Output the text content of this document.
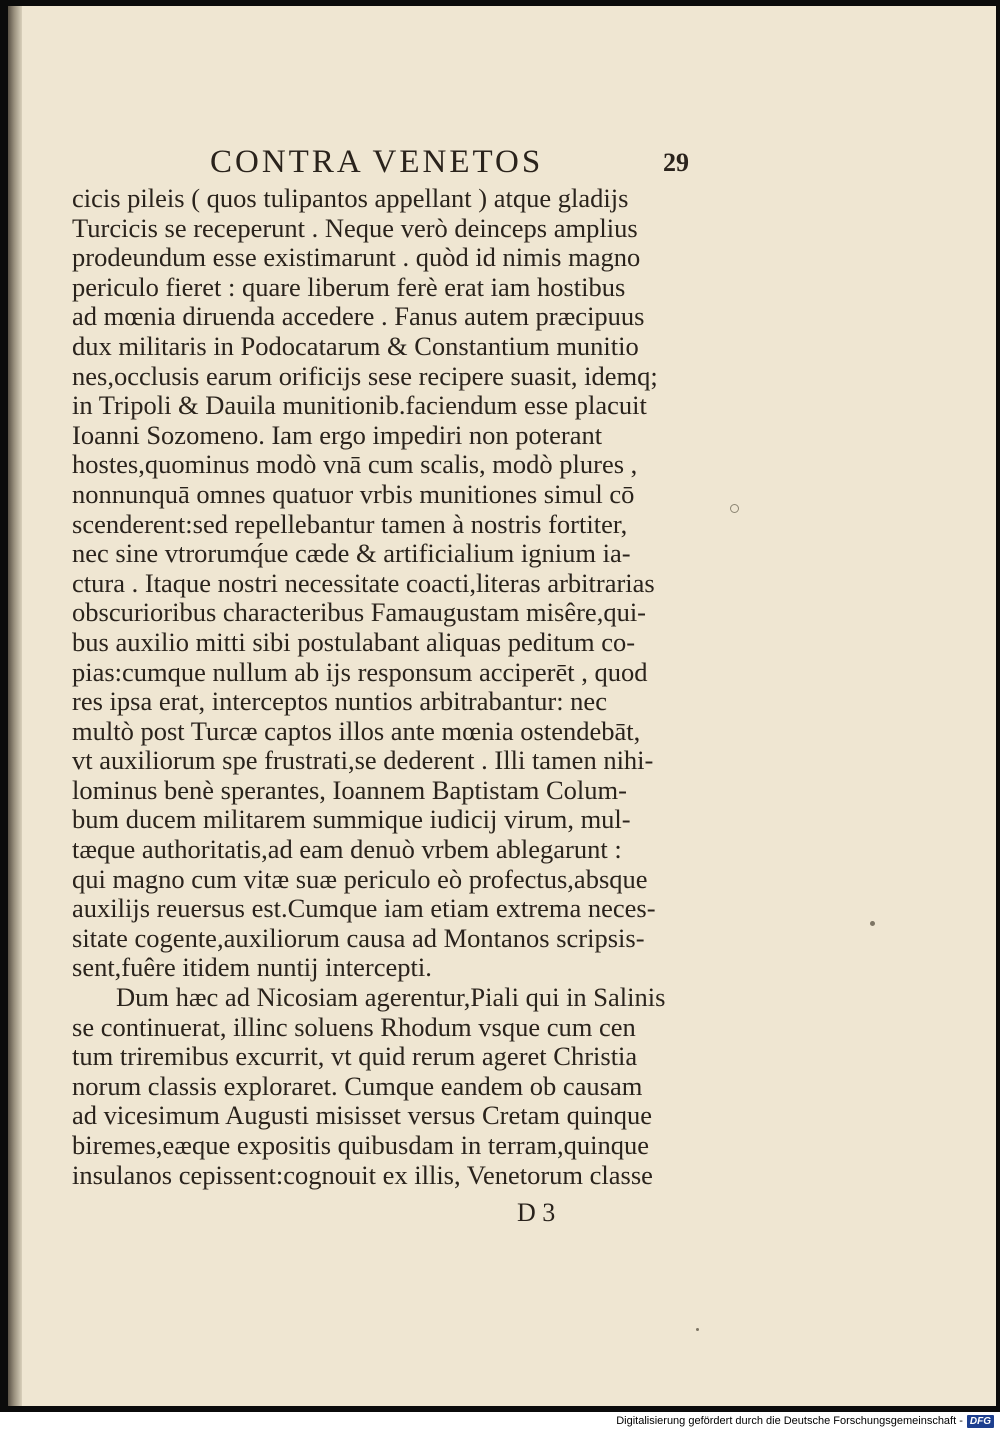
CONTRA VENETOS	29
cicis pileis ( quos tulipantos appellant ) atque gladijs
Turcicis se receperunt . Neque verò deinceps amplius
prodeundum esse existimarunt . quòd id nimis magno
periculo fieret : quare liberum ferè erat iam hostibus
ad mœnia diruenda accedere . Fanus autem præcipuus
dux militaris in Podocatarum & Constantium munitio
nes,occlusis earum orificijs sese recipere suasit, idemq;
in Tripoli & Dauila munitionib.faciendum esse placuit
Ioanni Sozomeno. Iam ergo impediri non poterant
hostes,quominus modò vnā cum scalis, modò plures ,
nonnunquā omnes quatuor vrbis munitiones simul cō
scenderent:sed repellebantur tamen à nostris fortiter,
nec sine vtrorumq́ue cæde & artificialium ignium ia-
ctura . Itaque nostri necessitate coacti,literas arbitrarias
obscurioribus characteribus Famaugustam misêre,qui-
bus auxilio mitti sibi postulabant aliquas peditum co-
pias:cumque nullum ab ijs responsum acciperēt , quod
res ipsa erat, interceptos nuntios arbitrabantur: nec
multò post Turcæ captos illos ante mœnia ostendebāt,
vt auxiliorum spe frustrati,se dederent . Illi tamen nihi-
lominus benè sperantes, Ioannem Baptistam Colum-
bum ducem militarem summique iudicij virum, mul-
tæque authoritatis,ad eam denuò vrbem ablegarunt :
qui magno cum vitæ suæ periculo eò profectus,absque
auxilijs reuersus est.Cumque iam etiam extrema neces-
sitate cogente,auxiliorum causa ad Montanos scripsis-
sent,fuêre itidem nuntij intercepti.
Dum hæc ad Nicosiam agerentur,Piali qui in Salinis
se continuerat, illinc soluens Rhodum vsque cum cen
tum triremibus excurrit, vt quid rerum ageret Christia
norum classis exploraret. Cumque eandem ob causam
ad vicesimum Augusti misisset versus Cretam quinque
biremes,eæque expositis quibusdam in terram,quinque
insulanos cepissent:cognouit ex illis, Venetorum classe
D 3
Digitalisierung gefördert durch die Deutsche Forschungsgemeinschaft - DFG
